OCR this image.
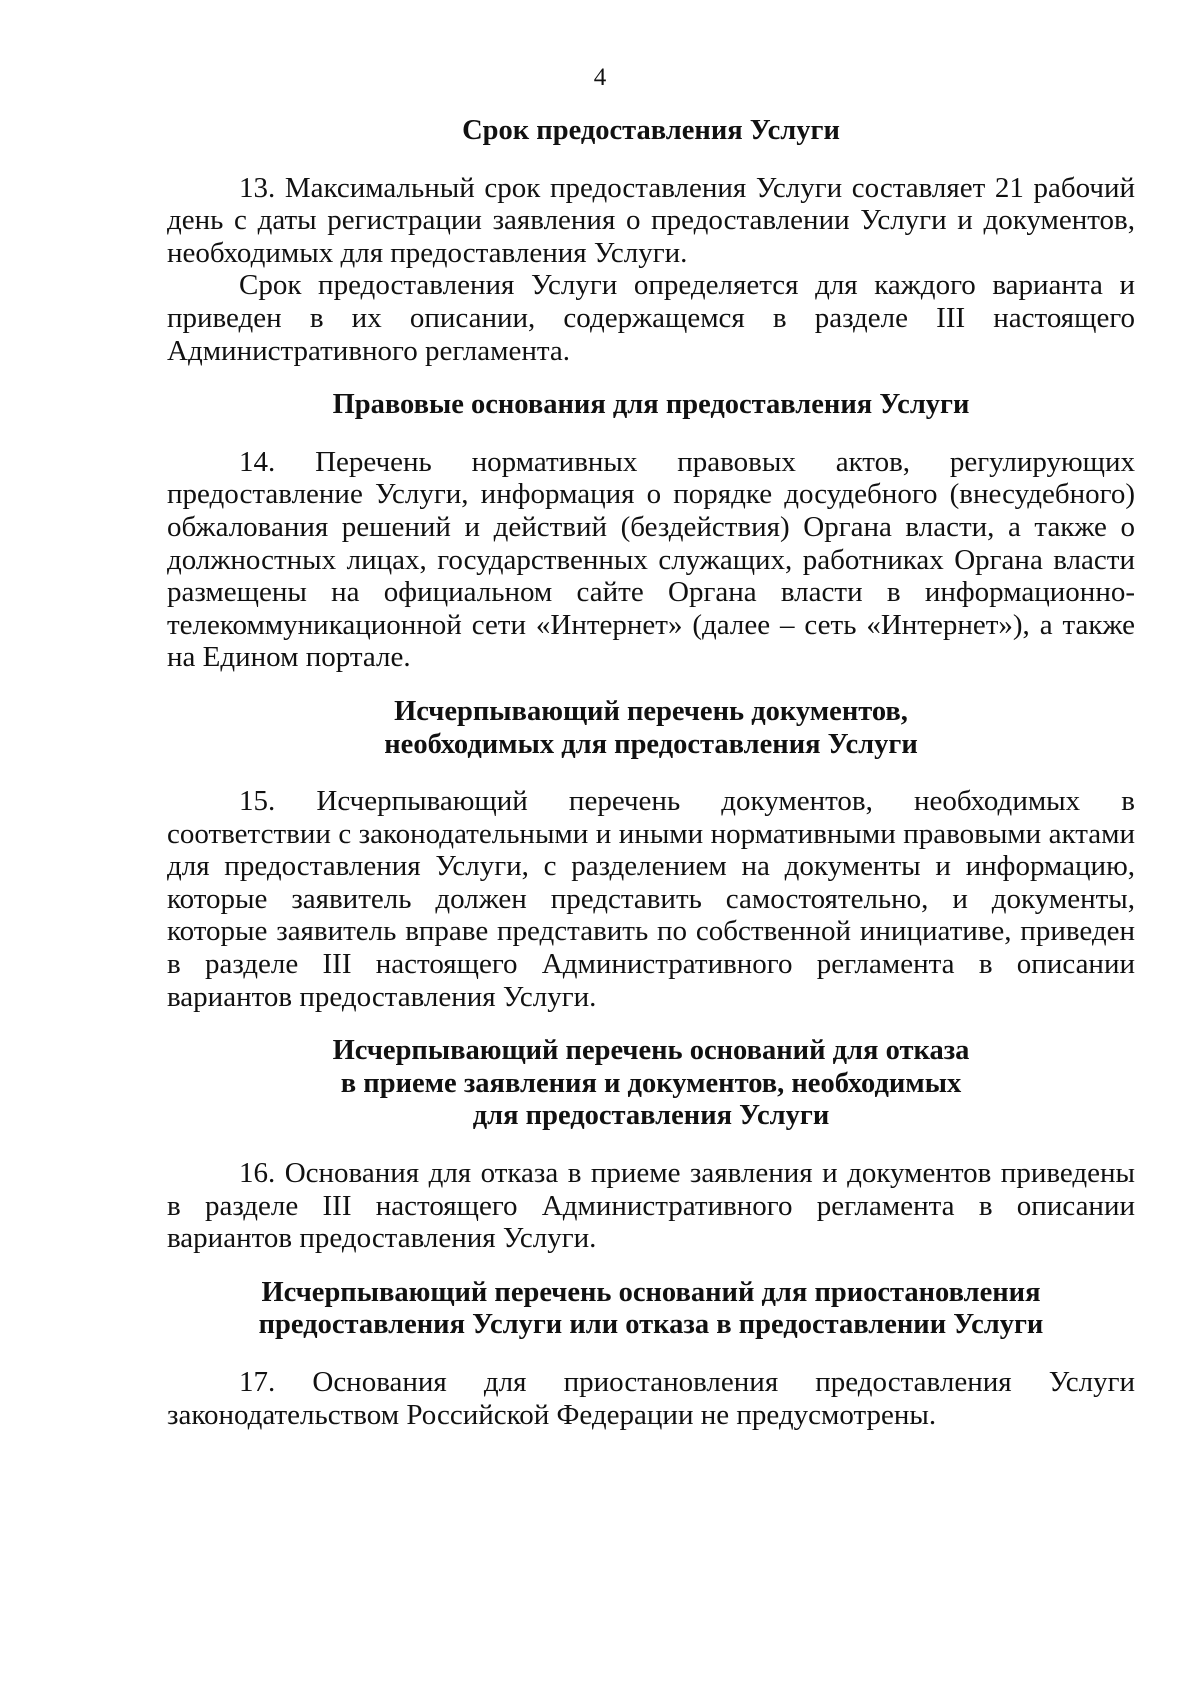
4
Срок предоставления Услуги

13. Максимальный срок предоставления Услуги составляет 21 рабочий день с даты регистрации заявления о предоставлении Услуги и документов, необходимых для предоставления Услуги.

Срок предоставления Услуги определяется для каждого варианта и приведен в их описании, содержащемся в разделе III настоящего Административного регламента.

Правовые основания для предоставления Услуги

14. Перечень нормативных правовых актов, регулирующих предоставление Услуги, информация о порядке досудебного (внесудебного) обжалования решений и действий (бездействия) Органа власти, а также о должностных лицах, государственных служащих, работниках Органа власти размещены на официальном сайте Органа власти в информационно-телекоммуникационной сети «Интернет» (далее – сеть «Интернет»), а также на Едином портале.

Исчерпывающий перечень документов,
необходимых для предоставления Услуги

15. Исчерпывающий перечень документов, необходимых в соответствии с законодательными и иными нормативными правовыми актами для предоставления Услуги, с разделением на документы и информацию, которые заявитель должен представить самостоятельно, и документы, которые заявитель вправе представить по собственной инициативе, приведен в разделе III настоящего Административного регламента в описании вариантов предоставления Услуги.

Исчерпывающий перечень оснований для отказа
в приеме заявления и документов, необходимых
для предоставления Услуги

16. Основания для отказа в приеме заявления и документов приведены в разделе III настоящего Административного регламента в описании вариантов предоставления Услуги.

Исчерпывающий перечень оснований для приостановления
предоставления Услуги или отказа в предоставлении Услуги

17. Основания для приостановления предоставления Услуги законодательством Российской Федерации не предусмотрены.
